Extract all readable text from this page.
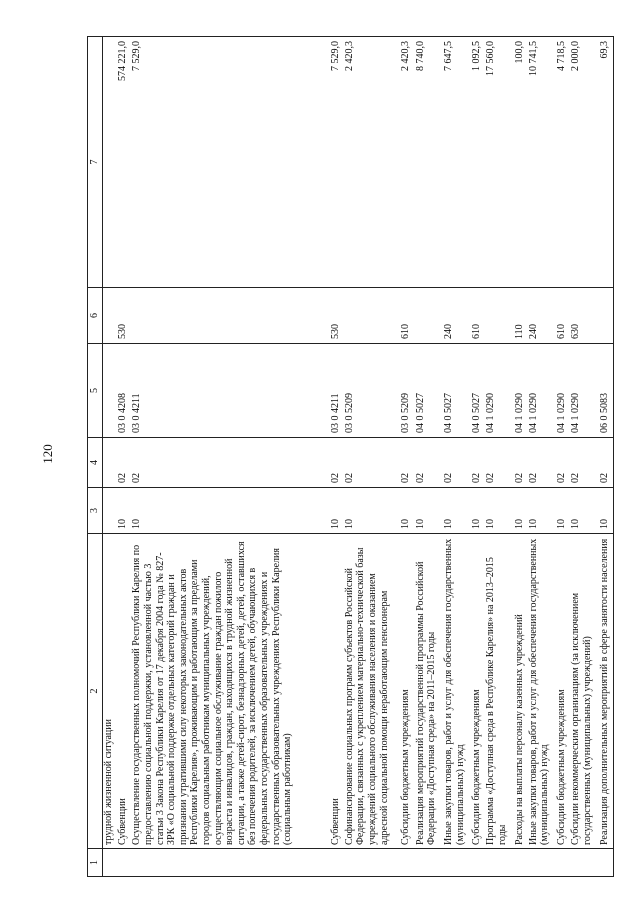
120
1	2	3	4	5	6	7
	трудной жизненной ситуации					
	Субвенции	10	02	03 0 4208	530	574 221,0
	Осуществление государственных полномочий Республики Карелия по предоставлению социальной поддержки, установленной частью 3 статьи 3 Закона Республики Карелия от 17 декабря 2004 года № 827-ЗРК «О социальной поддержке отдельных категорий граждан и признании утратившими силу некоторых законодательных актов Республики Карелия», проживающим и работающим за пределами городов социальным работникам муниципальных учреждений, осуществляющим социальное обслуживание граждан пожилого возраста и инвалидов, граждан, находящихся в трудной жизненной ситуации, а также детей-сирот, безнадзорных детей, детей, оставшихся без попечения родителей, за исключением детей, обучающихся в федеральных государственных образовательных учреждениях и государственных образовательных учреждениях Республики Карелия (социальным работникам)	10	02	03 0 4211		7 529,0
	Субвенции	10	02	03 0 4211	530	7 529,0
	Софинансирование социальных программ субъектов Российской Федерации, связанных с укреплением материально-технической базы учреждений социального обслуживания населения и оказанием адресной социальной помощи неработающим пенсионерам	10	02	03 0 5209		2 420,3
	Субсидии бюджетным учреждениям	10	02	03 0 5209	610	2 420,3
	Реализация мероприятий государственной программы Российской Федерации «Доступная среда» на 2011–2015 годы	10	02	04 0 5027		8 740,0
	Иные закупки товаров, работ и услуг для обеспечения государственных (муниципальных) нужд	10	02	04 0 5027	240	7 647,5
	Субсидии бюджетным учреждениям	10	02	04 0 5027	610	1 092,5
	Программа «Доступная среда в Республике Карелия» на 2013–2015 годы	10	02	04 1 0290		17 560,0
	Расходы на выплаты персоналу казенных учреждений	10	02	04 1 0290	110	100,0
	Иные закупки товаров, работ и услуг для обеспечения государственных (муниципальных) нужд	10	02	04 1 0290	240	10 741,5
	Субсидии бюджетным учреждениям	10	02	04 1 0290	610	4 718,5
	Субсидии некоммерческим организациям (за исключением государственных (муниципальных) учреждений)	10	02	04 1 0290	630	2 000,0
	Реализация дополнительных мероприятий в сфере занятости населения	10	02	06 0 5083		69,3
